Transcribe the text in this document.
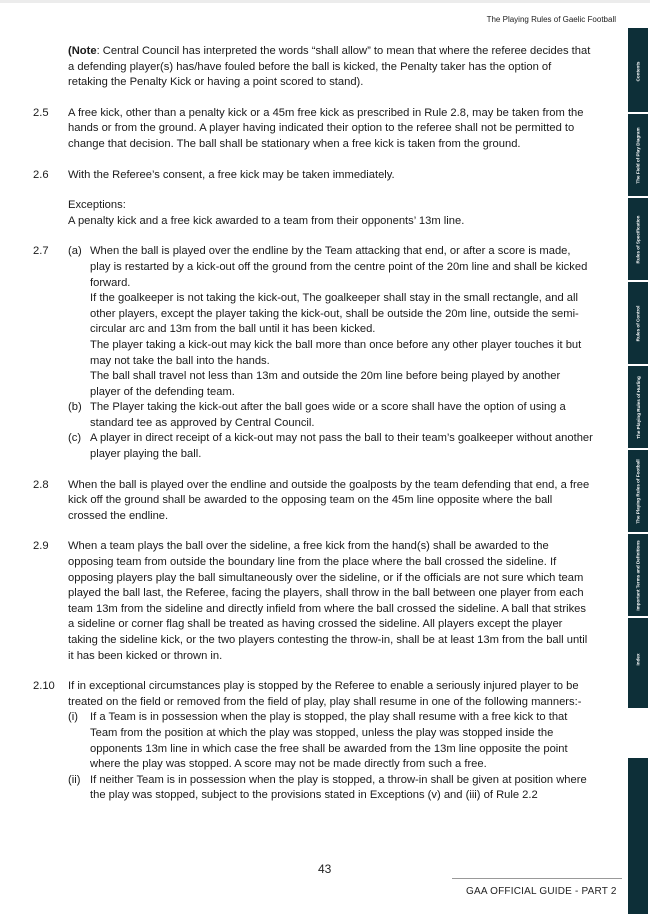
The Playing Rules of Gaelic Football
(Note: Central Council has interpreted the words “shall allow” to mean that where the referee decides that a defending player(s) has/have fouled before the ball is kicked, the Penalty taker has the option of retaking the Penalty Kick or having a point scored to stand).
2.5 A free kick, other than a penalty kick or a 45m free kick as prescribed in Rule 2.8, may be taken from the hands or from the ground. A player having indicated their option to the referee shall not be permitted to change that decision. The ball shall be stationary when a free kick is taken from the ground.
2.6 With the Referee’s consent, a free kick may be taken immediately.
Exceptions:
A penalty kick and a free kick awarded to a team from their opponents’ 13m line.
2.7 (a) When the ball is played over the endline by the Team attacking that end, or after a score is made, play is restarted by a kick-out off the ground from the centre point of the 20m line and shall be kicked forward.
If the goalkeeper is not taking the kick-out, The goalkeeper shall stay in the small rectangle, and all other players, except the player taking the kick-out, shall be outside the 20m line, outside the semi-circular arc and 13m from the ball until it has been kicked.
The player taking a kick-out may kick the ball more than once before any other player touches it but may not take the ball into the hands.
The ball shall travel not less than 13m and outside the 20m line before being played by another player of the defending team.
(b) The Player taking the kick-out after the ball goes wide or a score shall have the option of using a standard tee as approved by Central Council.
(c) A player in direct receipt of a kick-out may not pass the ball to their team’s goalkeeper without another player playing the ball.
2.8 When the ball is played over the endline and outside the goalposts by the team defending that end, a free kick off the ground shall be awarded to the opposing team on the 45m line opposite where the ball crossed the endline.
2.9 When a team plays the ball over the sideline, a free kick from the hand(s) shall be awarded to the opposing team from outside the boundary line from the place where the ball crossed the sideline. If opposing players play the ball simultaneously over the sideline, or if the officials are not sure which team played the ball last, the Referee, facing the players, shall throw in the ball between one player from each team 13m from the sideline and directly infield from where the ball crossed the sideline. A ball that strikes a sideline or corner flag shall be treated as having crossed the sideline. All players except the player taking the sideline kick, or the two players contesting the throw-in, shall be at least 13m from the ball until it has been kicked or thrown in.
2.10 If in exceptional circumstances play is stopped by the Referee to enable a seriously injured player to be treated on the field or removed from the field of play, play shall resume in one of the following manners:-
(i) If a Team is in possession when the play is stopped, the play shall resume with a free kick to that Team from the position at which the play was stopped, unless the play was stopped inside the opponents 13m line in which case the free shall be awarded from the 13m line opposite the point where the play was stopped. A score may not be made directly from such a free.
(ii) If neither Team is in possession when the play is stopped, a throw-in shall be given at position where the play was stopped, subject to the provisions stated in Exceptions (v) and (iii) of Rule 2.2
Contents
The Field of Play Diagram
Rules of Specification
Rules of Control
The Playing Rules of Hurling
The Playing Rules of Football
Important Terms and Definitions
Index
43
GAA OFFICIAL GUIDE - PART 2
